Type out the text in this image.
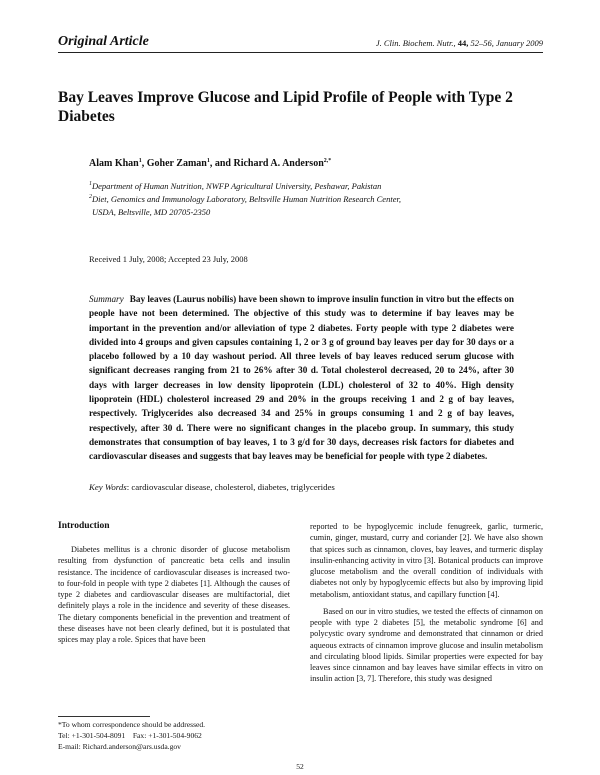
Original Article	J. Clin. Biochem. Nutr., 44, 52–56, January 2009
Bay Leaves Improve Glucose and Lipid Profile of People with Type 2 Diabetes
Alam Khan$^1$, Goher Zaman$^1$, and Richard A. Anderson$^{2,*}$
$^1$Department of Human Nutrition, NWFP Agricultural University, Peshawar, Pakistan
$^2$Diet, Genomics and Immunology Laboratory, Beltsville Human Nutrition Research Center,
USDA, Beltsville, MD 20705-2350
Received 1 July, 2008; Accepted 23 July, 2008
Summary Bay leaves (Laurus nobilis) have been shown to improve insulin function in vitro but the effects on people have not been determined. The objective of this study was to determine if bay leaves may be important in the prevention and/or alleviation of type 2 diabetes. Forty people with type 2 diabetes were divided into 4 groups and given capsules containing 1, 2 or 3 g of ground bay leaves per day for 30 days or a placebo followed by a 10 day washout period. All three levels of bay leaves reduced serum glucose with significant decreases ranging from 21 to 26% after 30 d. Total cholesterol decreased, 20 to 24%, after 30 days with larger decreases in low density lipoprotein (LDL) cholesterol of 32 to 40%. High density lipoprotein (HDL) cholesterol increased 29 and 20% in the groups receiving 1 and 2 g of bay leaves, respectively. Triglycerides also decreased 34 and 25% in groups consuming 1 and 2 g of bay leaves, respectively, after 30 d. There were no significant changes in the placebo group. In summary, this study demonstrates that consumption of bay leaves, 1 to 3 g/d for 30 days, decreases risk factors for diabetes and cardiovascular diseases and suggests that bay leaves may be beneficial for people with type 2 diabetes.
Key Words: cardiovascular disease, cholesterol, diabetes, triglycerides
Introduction

Diabetes mellitus is a chronic disorder of glucose metabolism resulting from dysfunction of pancreatic beta cells and insulin resistance. The incidence of cardiovascular diseases is increased two- to four-fold in people with type 2 diabetes [1]. Although the causes of type 2 diabetes and cardiovascular diseases are multifactorial, diet definitely plays a role in the incidence and severity of these diseases. The dietary components beneficial in the prevention and treatment of these diseases have not been clearly defined, but it is postulated that spices may play a role. Spices that have been

reported to be hypoglycemic include fenugreek, garlic, turmeric, cumin, ginger, mustard, curry and coriander [2]. We have also shown that spices such as cinnamon, cloves, bay leaves, and turmeric display insulin-enhancing activity in vitro [3]. Botanical products can improve glucose metabolism and the overall condition of individuals with diabetes not only by hypoglycemic effects but also by improving lipid metabolism, antioxidant status, and capillary function [4].

Based on our in vitro studies, we tested the effects of cinnamon on people with type 2 diabetes [5], the metabolic syndrome [6] and polycystic ovary syndrome and demonstrated that cinnamon or dried aqueous extracts of cinnamon improve glucose and insulin metabolism and circulating blood lipids. Similar properties were expected for bay leaves since cinnamon and bay leaves have similar effects in vitro on insulin action [3, 7]. Therefore, this study was designed

*To whom correspondence should be addressed.
Tel: +1-301-504-8091    Fax: +1-301-504-9062
E-mail: Richard.anderson@ars.usda.gov
52
